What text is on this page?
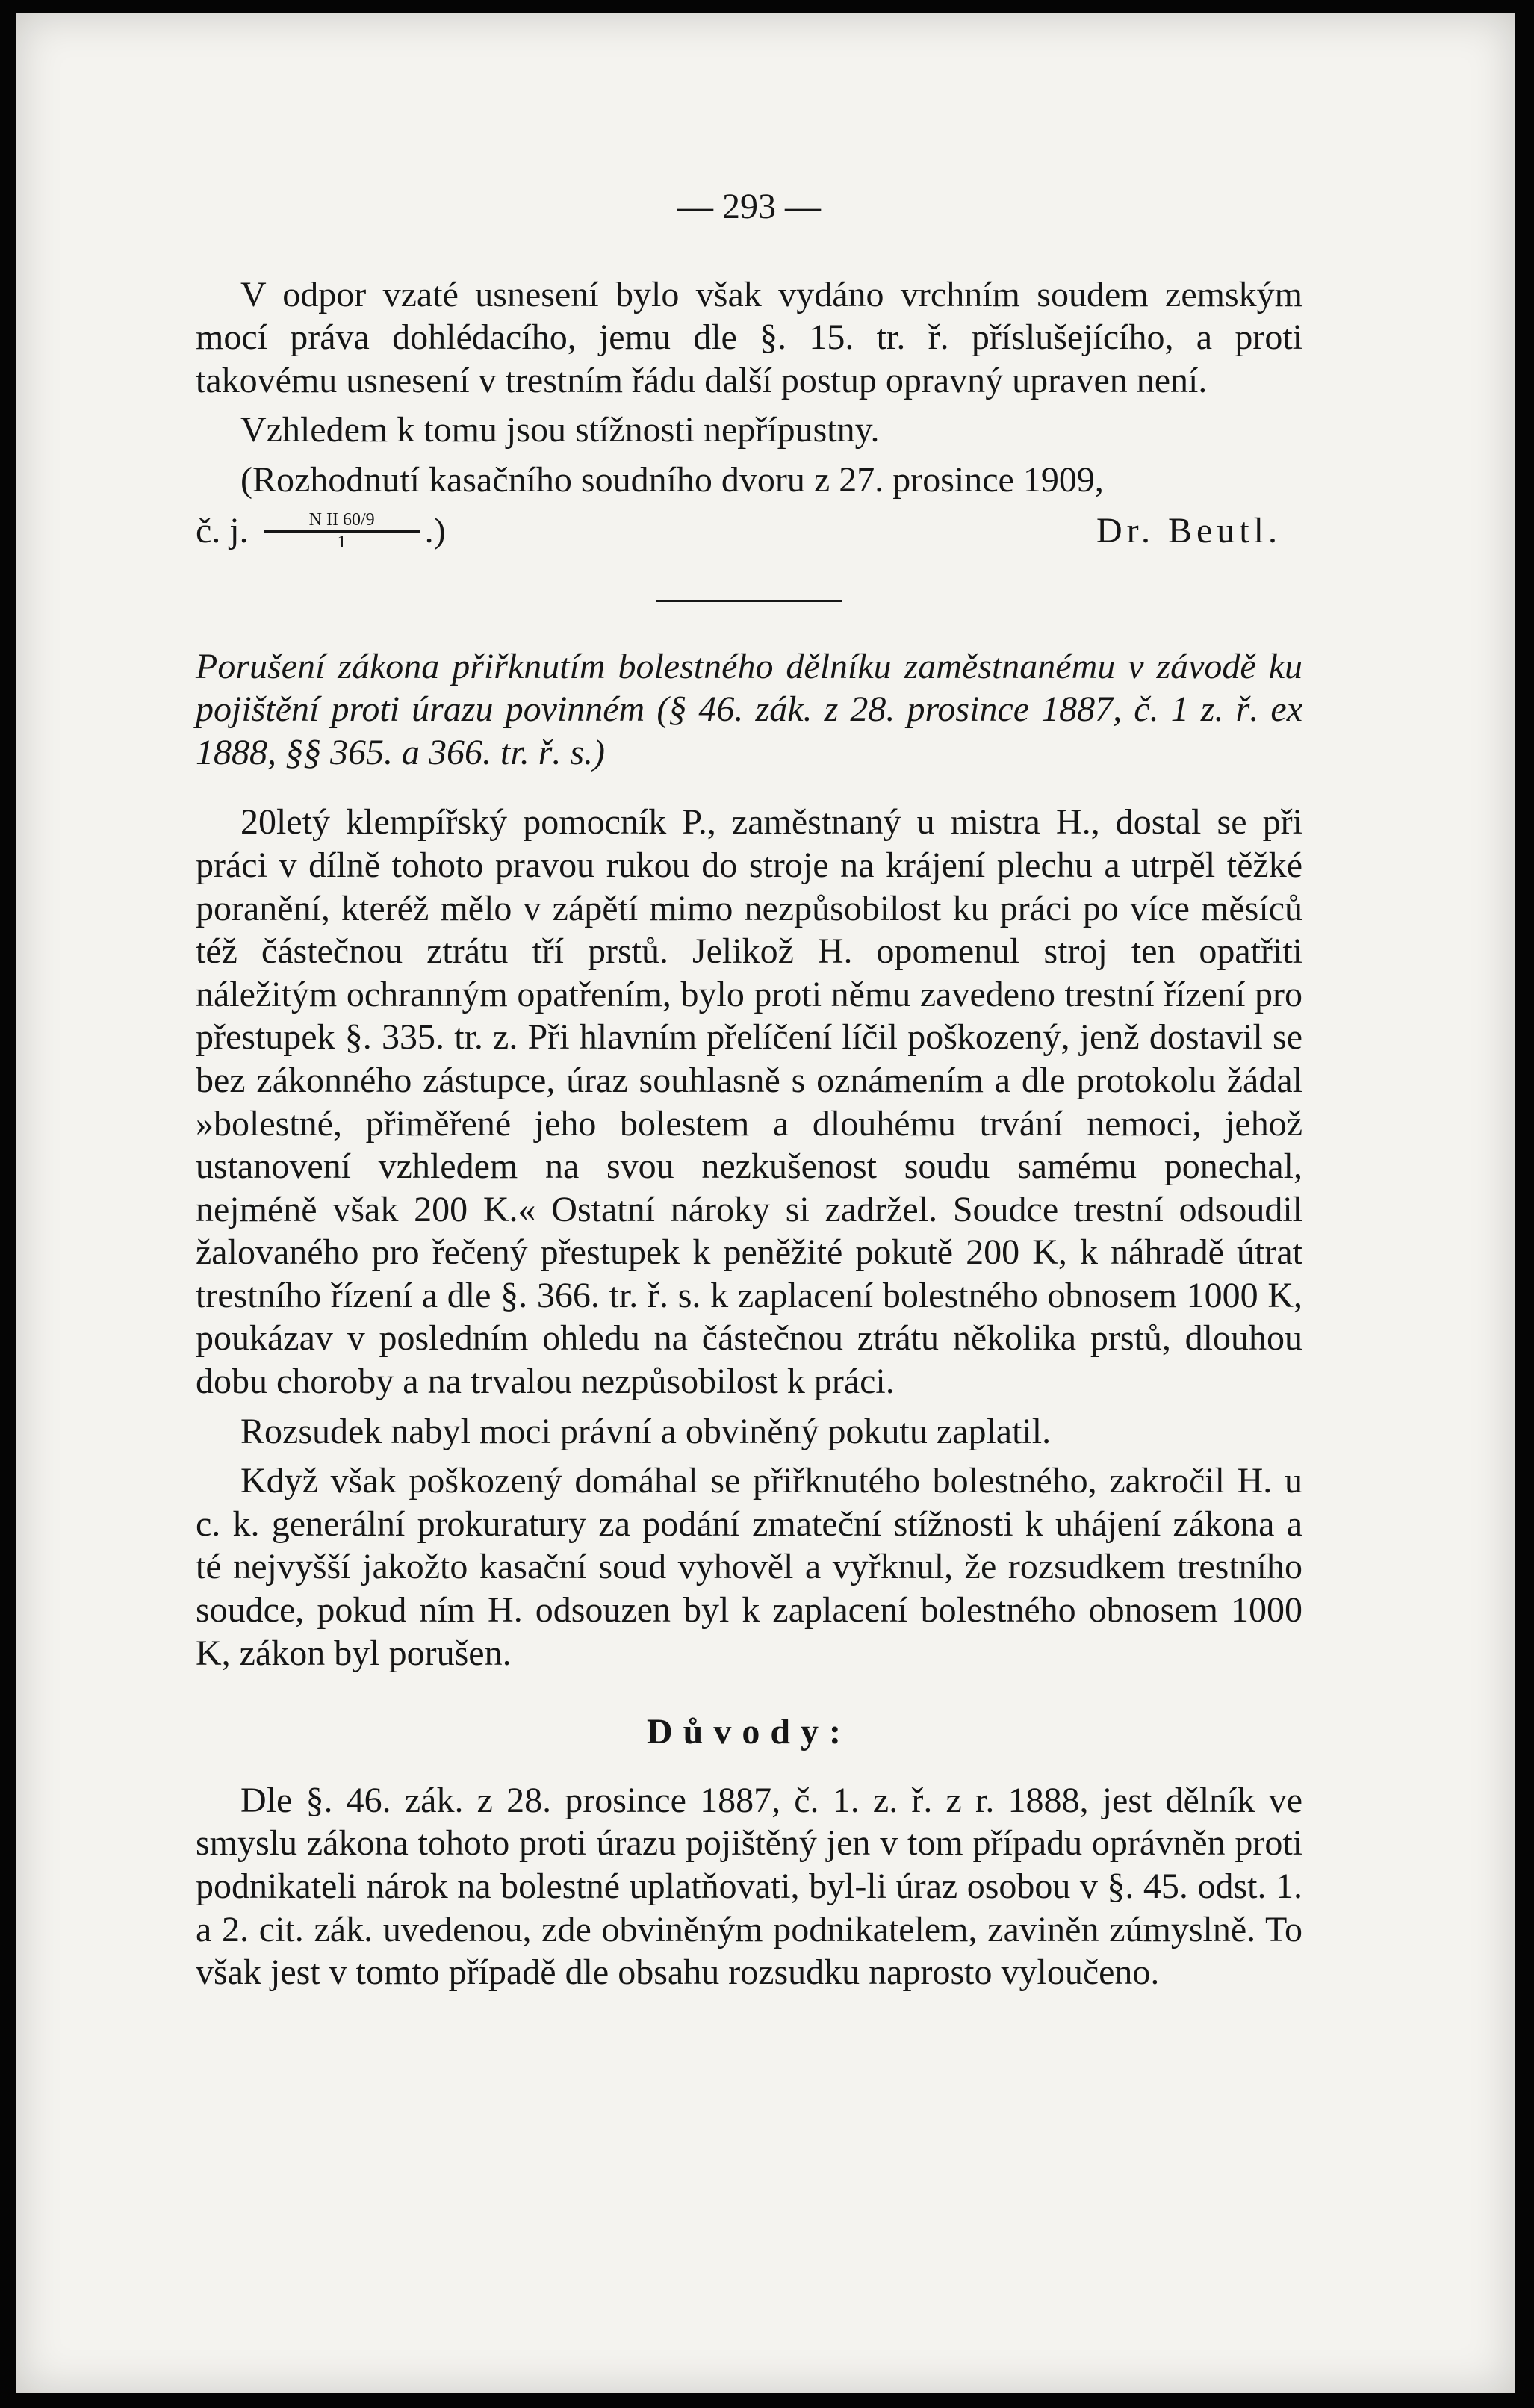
— 293 —

V odpor vzaté usnesení bylo však vydáno vrchním soudem zemským mocí práva dohlédacího, jemu dle §. 15. tr. ř. příslušejícího, a proti takovému usnesení v trestním řádu další postup opravný upraven není.

Vzhledem k tomu jsou stížnosti nepřípustny.

(Rozhodnutí kasačního soudního dvoru z 27. prosince 1909,

č. j. $\frac{\text{N II 60/9}}{1}$ .)	Dr. Beutl.

Porušení zákona přiřknutím bolestného dělníku zaměstnanému v závodě ku pojištění proti úrazu povinném (§ 46. zák. z 28. prosince 1887, č. 1 z. ř. ex 1888, §§ 365. a 366. tr. ř. s.)

20letý klempířský pomocník P., zaměstnaný u mistra H., dostal se při práci v dílně tohoto pravou rukou do stroje na krájení plechu a utrpěl těžké poranění, kteréž mělo v zápětí mimo nezpůsobilost ku práci po více měsíců též částečnou ztrátu tří prstů. Jelikož H. opomenul stroj ten opatřiti náležitým ochranným opatřením, bylo proti němu zavedeno trestní řízení pro přestupek §. 335. tr. z. Při hlavním přelíčení líčil poškozený, jenž dostavil se bez zákonného zástupce, úraz souhlasně s oznámením a dle protokolu žádal »bolestné, přiměřené jeho bolestem a dlouhému trvání nemoci, jehož ustanovení vzhledem na svou nezkušenost soudu samému ponechal, nejméně však 200 K.« Ostatní nároky si zadržel. Soudce trestní odsoudil žalovaného pro řečený přestupek k peněžité pokutě 200 K, k náhradě útrat trestního řízení a dle §. 366. tr. ř. s. k zaplacení bolestného obnosem 1000 K, poukázav v posledním ohledu na částečnou ztrátu několika prstů, dlouhou dobu choroby a na trvalou nezpůsobilost k práci.

Rozsudek nabyl moci právní a obviněný pokutu zaplatil.

Když však poškozený domáhal se přiřknutého bolestného, zakročil H. u c. k. generální prokuratury za podání zmateční stížnosti k uhájení zákona a té nejvyšší jakožto kasační soud vyhověl a vyřknul, že rozsudkem trestního soudce, pokud ním H. odsouzen byl k zaplacení bolestného obnosem 1000 K, zákon byl porušen.

Důvody:

Dle §. 46. zák. z 28. prosince 1887, č. 1. z. ř. z r. 1888, jest dělník ve smyslu zákona tohoto proti úrazu pojištěný jen v tom případu oprávněn proti podnikateli nárok na bolestné uplatňovati, byl-li úraz osobou v §. 45. odst. 1. a 2. cit. zák. uvedenou, zde obviněným podnikatelem, zaviněn zúmyslně. To však jest v tomto případě dle obsahu rozsudku naprosto vyloučeno.
